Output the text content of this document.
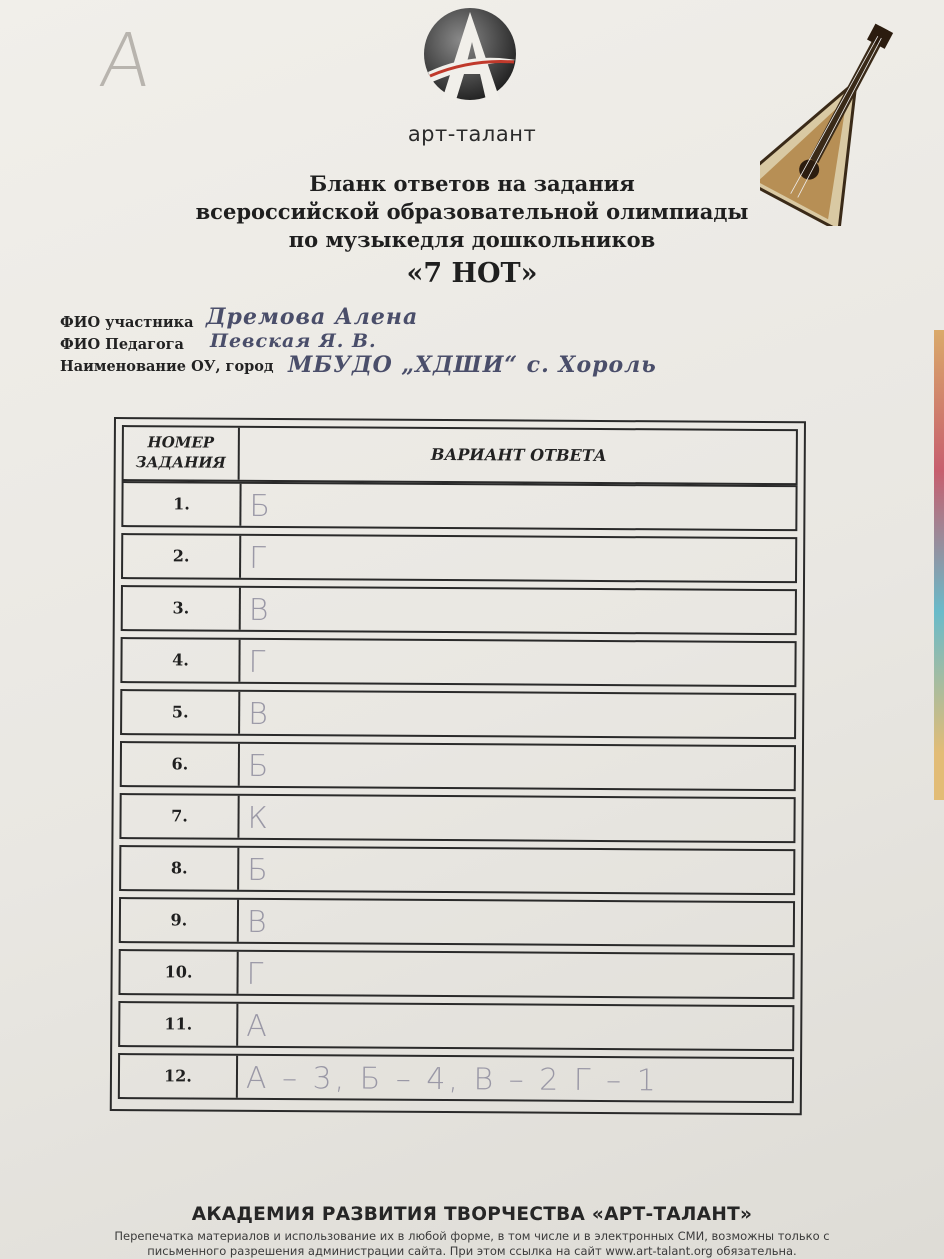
А
арт-талант
Бланк ответов на задания
всероссийской образовательной олимпиады
по музыкедля дошкольников
«7 НОТ»
ФИО участника Дремова Алена
ФИО Педагога Певская Я. В.
Наименование ОУ, город МБУДО „ХДШИ“ с. Хороль
НОМЕР ЗАДАНИЯ	ВАРИАНТ ОТВЕТА
1.	Б
2.	Г
3.	В
4.	Г
5.	В
6.	Б
7.	К
8.	Б
9.	В
10.	Г
11.	А
12.	А – 3, Б – 4, В – 2 Г – 1
АКАДЕМИЯ РАЗВИТИЯ ТВОРЧЕСТВА «АРТ-ТАЛАНТ»
Перепечатка материалов и использование их в любой форме, в том числе и в электронных СМИ, возможны только с
письменного разрешения администрации сайта. При этом ссылка на сайт www.art-talant.org обязательна.
